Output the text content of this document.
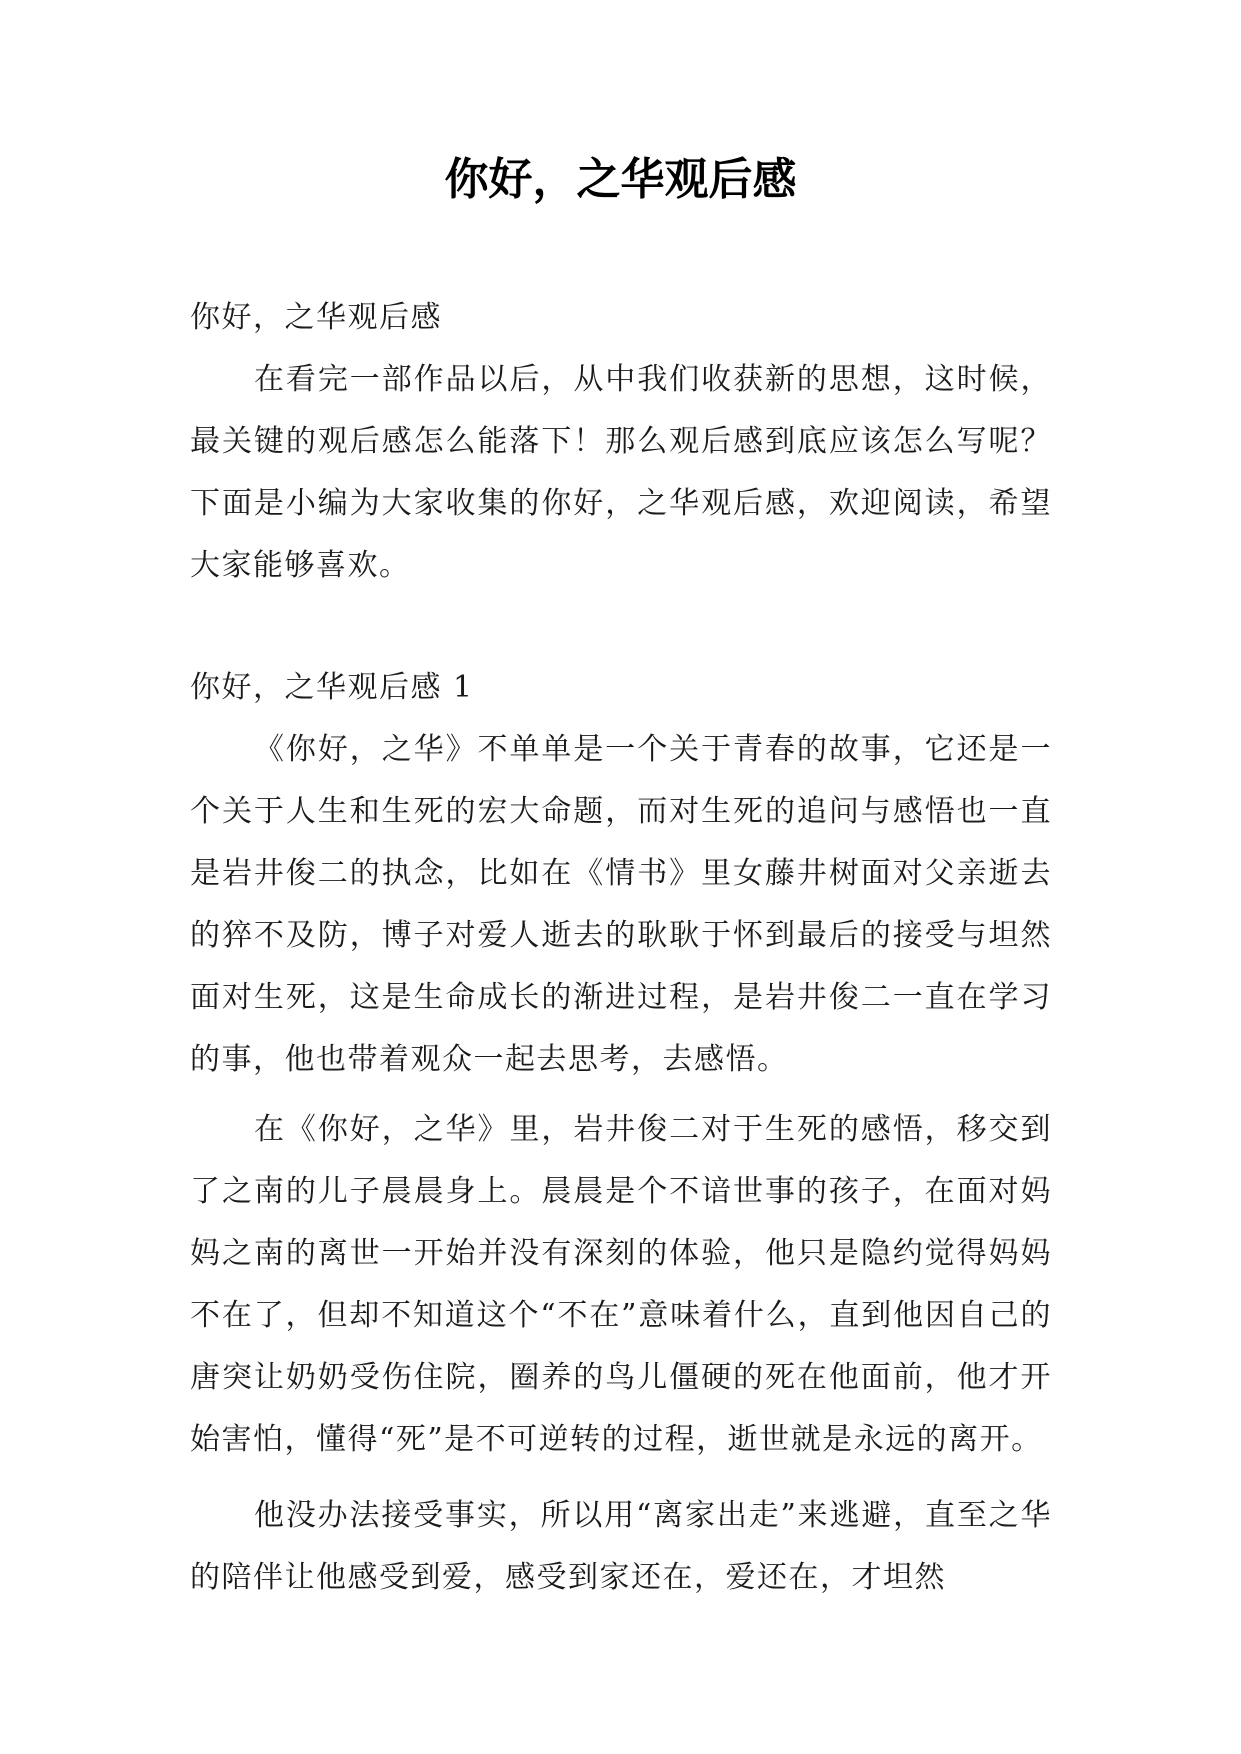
你好，之华观后感

你好，之华观后感

在看完一部作品以后，从中我们收获新的思想，这时候，最关键的观后感怎么能落下！那么观后感到底应该怎么写呢？下面是小编为大家收集的你好，之华观后感，欢迎阅读，希望大家能够喜欢。

你好，之华观后感 1

《你好，之华》不单单是一个关于青春的故事，它还是一个关于人生和生死的宏大命题，而对生死的追问与感悟也一直是岩井俊二的执念，比如在《情书》里女藤井树面对父亲逝去的猝不及防，博子对爱人逝去的耿耿于怀到最后的接受与坦然面对生死，这是生命成长的渐进过程，是岩井俊二一直在学习的事，他也带着观众一起去思考，去感悟。

在《你好，之华》里，岩井俊二对于生死的感悟，移交到了之南的儿子晨晨身上。晨晨是个不谙世事的孩子，在面对妈妈之南的离世一开始并没有深刻的体验，他只是隐约觉得妈妈不在了，但却不知道这个“不在”意味着什么，直到他因自己的唐突让奶奶受伤住院，圈养的鸟儿僵硬的死在他面前，他才开始害怕，懂得“死”是不可逆转的过程，逝世就是永远的离开。

他没办法接受事实，所以用“离家出走”来逃避，直至之华的陪伴让他感受到爱，感受到家还在，爱还在，才坦然
